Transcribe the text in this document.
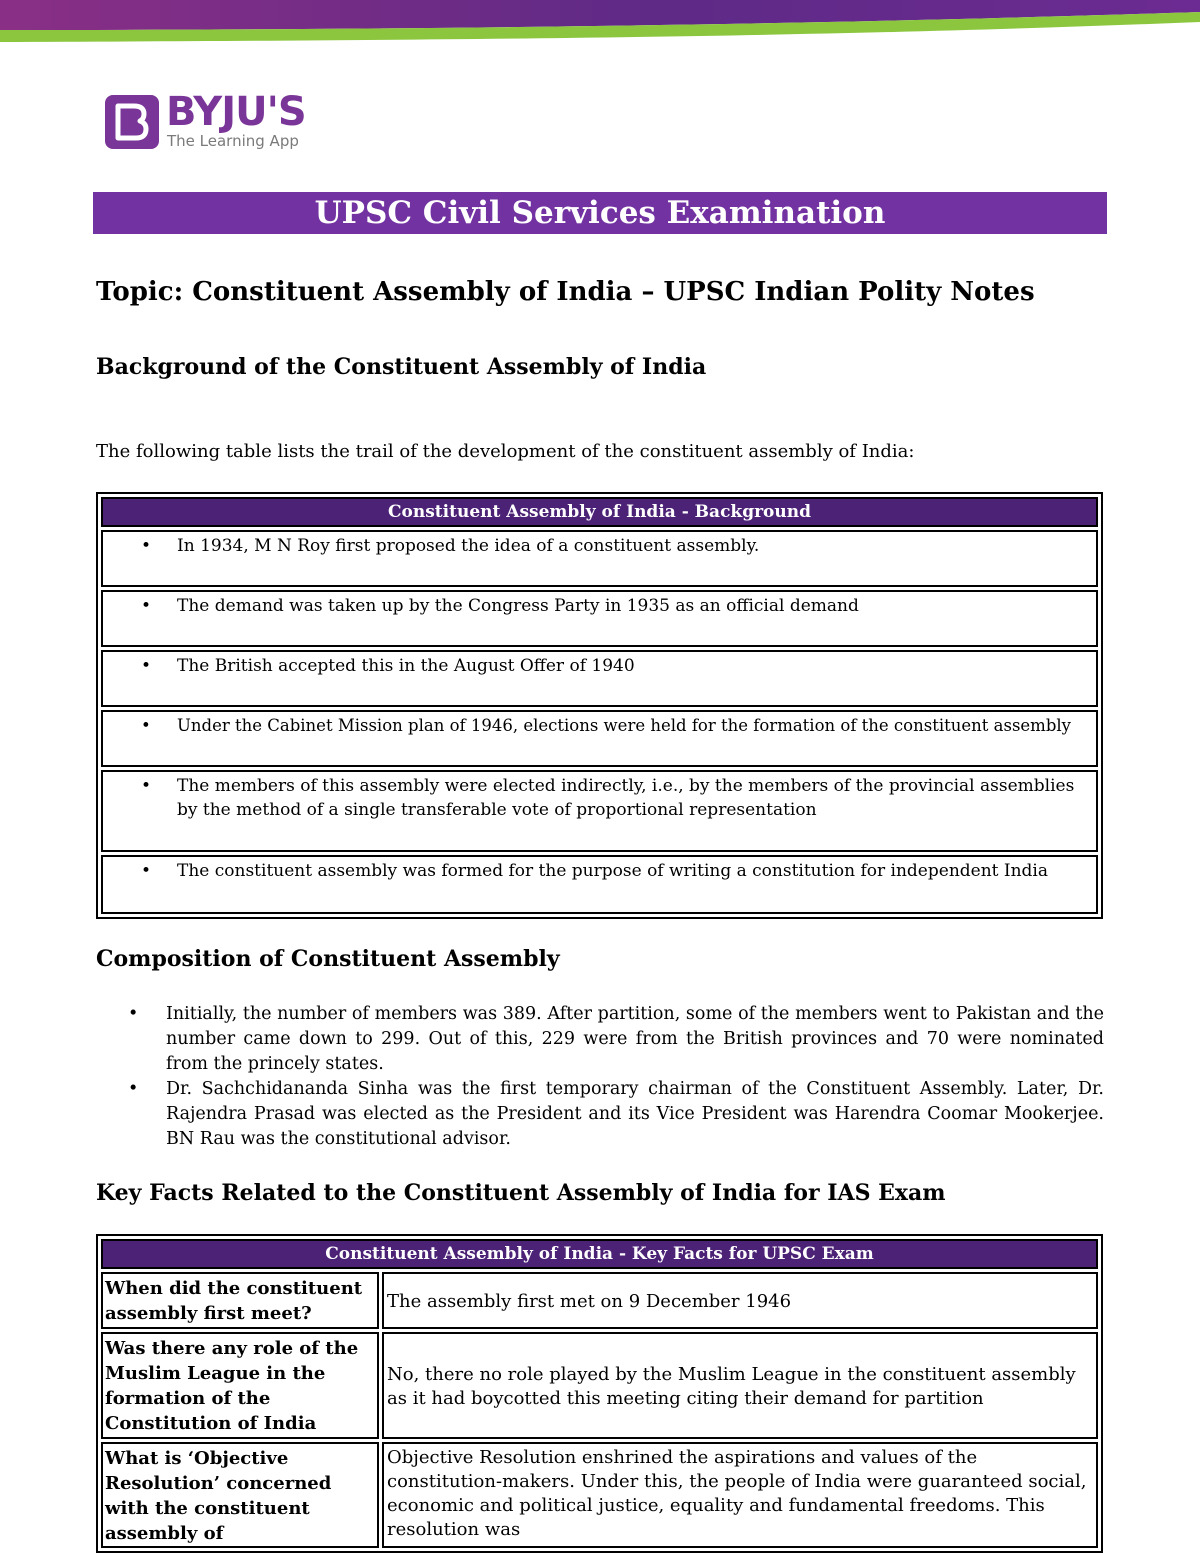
BYJU'S
The Learning App
UPSC Civil Services Examination
Topic: Constituent Assembly of India – UPSC Indian Polity Notes
Background of the Constituent Assembly of India

The following table lists the trail of the development of the constituent assembly of India:

Constituent Assembly of India - Background

• In 1934, M N Roy first proposed the idea of a constituent assembly.

• The demand was taken up by the Congress Party in 1935 as an official demand

• The British accepted this in the August Offer of 1940

• Under the Cabinet Mission plan of 1946, elections were held for the formation of the constituent assembly

• The members of this assembly were elected indirectly, i.e., by the members of the provincial assemblies by the method of a single transferable vote of proportional representation

• The constituent assembly was formed for the purpose of writing a constitution for independent India
Composition of Constituent Assembly
• Initially, the number of members was 389. After partition, some of the members went to Pakistan and the number came down to 299. Out of this, 229 were from the British provinces and 70 were nominated from the princely states.
• Dr. Sachchidananda Sinha was the first temporary chairman of the Constituent Assembly. Later, Dr. Rajendra Prasad was elected as the President and its Vice President was Harendra Coomar Mookerjee. BN Rau was the constitutional advisor.
Key Facts Related to the Constituent Assembly of India for IAS Exam
Constituent Assembly of India - Key Facts for UPSC Exam	
When did the constituent assembly first meet?	The assembly first met on 9 December 1946
Was there any role of the Muslim League in the formation of the Constitution of India	No, there no role played by the Muslim League in the constituent assembly as it had boycotted this meeting citing their demand for partition
What is ‘Objective Resolution’ concerned with the constituent assembly of	Objective Resolution enshrined the aspirations and values of the constitution-makers. Under this, the people of India were guaranteed social, economic and political justice, equality and fundamental freedoms. This resolution was
